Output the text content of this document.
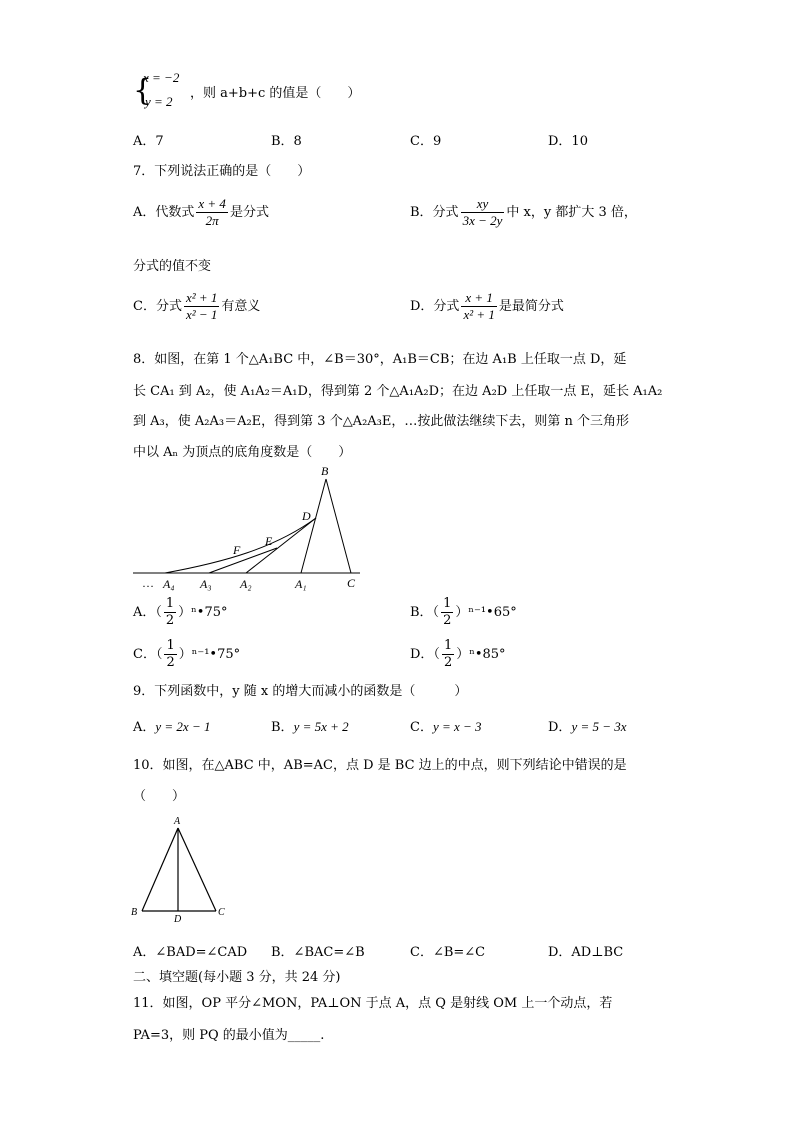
{
x = −2
y = 2
，则 a+b+c 的值是（　　）
A．7	B．8	C．9	D．10
7．下列说法正确的是（　　）
A．代数式 $\frac{x + 4}{2\pi}$ 是分式	B．分式 $\frac{xy}{3x - 2y}$ 中 x，y 都扩大 3 倍，
分式的值不变
C．分式 $\frac{\text{x² + 1}}{\text{x² − 1}}$ 有意义	D．分式 $\frac{x + 1}{\text{x² + 1}}$ 是最简分式
8．如图，在第 1 个△A₁BC 中，∠B＝30°，A₁B＝CB；在边 A₁B 上任取一点 D，延
长 CA₁ 到 A₂，使 A₁A₂＝A₁D，得到第 2 个△A₁A₂D；在边 A₂D 上任取一点 E，延长 A₁A₂
到 A₃，使 A₂A₃＝A₂E，得到第 3 个△A₂A₃E，…按此做法继续下去，则第 n 个三角形
中以 Aₙ 为顶点的底角度数是（　　）
B
D
E
F
… A₄ A₃ A₂	A₁	C
A．（ $\frac{1}{2}$ ）ⁿ•75°	B．（ $\frac{1}{2}$ ）ⁿ⁻¹•65°
C．（ $\frac{1}{2}$ ）ⁿ⁻¹•75°	D．（ $\frac{1}{2}$ ）ⁿ•85°
9．下列函数中，y 随 x 的增大而减小的函数是（　　　）
A．y = 2x − 1	B．y = 5x + 2	C．y = x − 3	D．y = 5 − 3x
10．如图，在△ABC 中，AB=AC，点 D 是 BC 边上的中点，则下列结论中错误的是
（　　）
A
B	C
D
A．∠BAD=∠CAD B．∠BAC=∠B	C．∠B=∠C	D．AD⊥BC
二、填空题(每小题 3 分，共 24 分)
11．如图，OP 平分∠MON，PA⊥ON 于点 A，点 Q 是射线 OM 上一个动点，若
PA=3，则 PQ 的最小值为_____.
